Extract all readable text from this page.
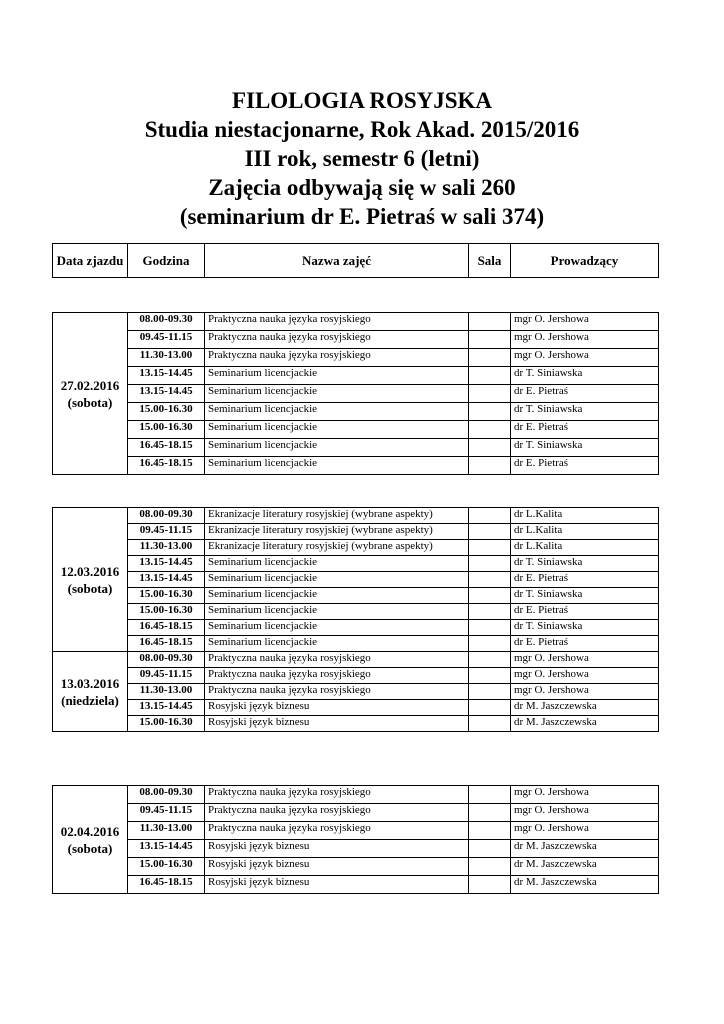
FILOLOGIA ROSYJSKA
Studia niestacjonarne, Rok Akad. 2015/2016
III rok, semestr 6 (letni)
Zajęcia odbywają się w sali 260
(seminarium dr E. Pietraś w sali 374)
Data zjazdu	Godzina	Nazwa zajęć	Sala	Prowadzący
27.02.2016
(sobota)	08.00-09.30	Praktyczna nauka języka rosyjskiego		mgr O. Jershowa
	09.45-11.15	Praktyczna nauka języka rosyjskiego		mgr O. Jershowa
	11.30-13.00	Praktyczna nauka języka rosyjskiego		mgr O. Jershowa
	13.15-14.45	Seminarium licencjackie		dr T. Siniawska
	13.15-14.45	Seminarium licencjackie		dr E. Pietraś
	15.00-16.30	Seminarium licencjackie		dr T. Siniawska
	15.00-16.30	Seminarium licencjackie		dr E. Pietraś
	16.45-18.15	Seminarium licencjackie		dr T. Siniawska
	16.45-18.15	Seminarium licencjackie		dr E. Pietraś
12.03.2016
(sobota)	08.00-09.30	Ekranizacje literatury rosyjskiej (wybrane aspekty)		dr L.Kalita
	09.45-11.15	Ekranizacje literatury rosyjskiej (wybrane aspekty)		dr L.Kalita
	11.30-13.00	Ekranizacje literatury rosyjskiej (wybrane aspekty)		dr L.Kalita
	13.15-14.45	Seminarium licencjackie		dr T. Siniawska
	13.15-14.45	Seminarium licencjackie		dr E. Pietraś
	15.00-16.30	Seminarium licencjackie		dr T. Siniawska
	15.00-16.30	Seminarium licencjackie		dr E. Pietraś
	16.45-18.15	Seminarium licencjackie		dr T. Siniawska
	16.45-18.15	Seminarium licencjackie		dr E. Pietraś

13.03.2016
(niedziela)	08.00-09.30	Praktyczna nauka języka rosyjskiego		mgr O. Jershowa
	09.45-11.15	Praktyczna nauka języka rosyjskiego		mgr O. Jershowa
	11.30-13.00	Praktyczna nauka języka rosyjskiego		mgr O. Jershowa
	13.15-14.45	Rosyjski język biznesu		dr M. Jaszczewska
	15.00-16.30	Rosyjski język biznesu		dr M. Jaszczewska
02.04.2016
(sobota)	08.00-09.30	Praktyczna nauka języka rosyjskiego		mgr O. Jershowa
	09.45-11.15	Praktyczna nauka języka rosyjskiego		mgr O. Jershowa
	11.30-13.00	Praktyczna nauka języka rosyjskiego		mgr O. Jershowa
	13.15-14.45	Rosyjski język biznesu		dr M. Jaszczewska
	15.00-16.30	Rosyjski język biznesu		dr M. Jaszczewska
	16.45-18.15	Rosyjski język biznesu		dr M. Jaszczewska
